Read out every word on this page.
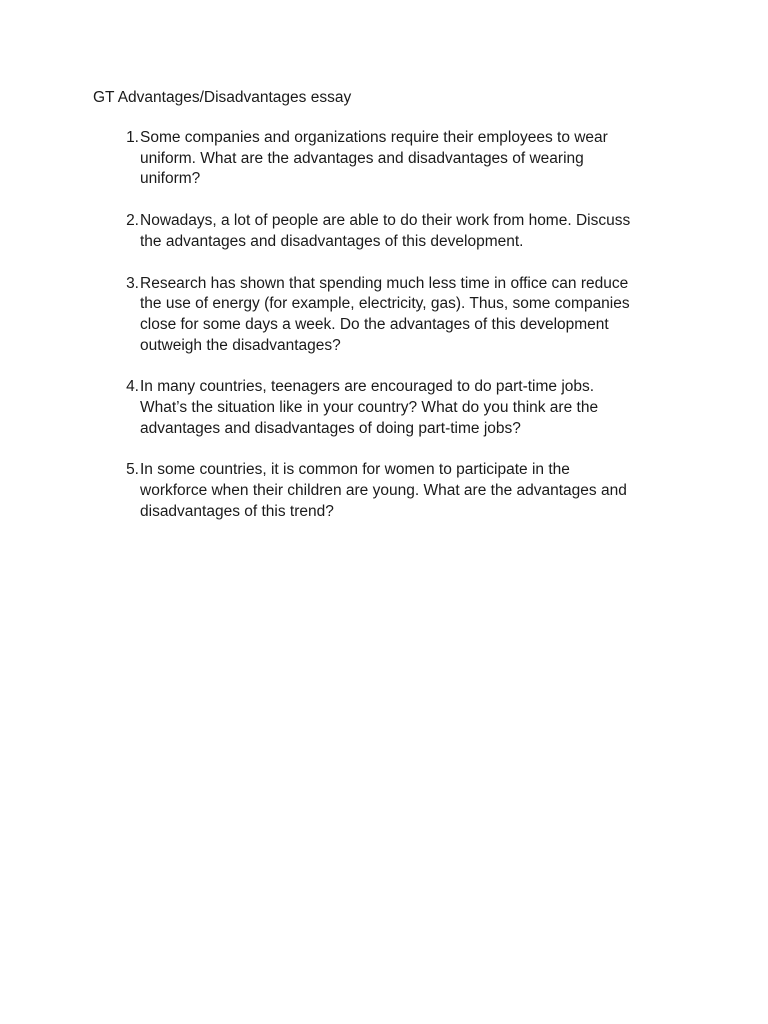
GT Advantages/Disadvantages essay
1. Some companies and organizations require their employees to wear
uniform. What are the advantages and disadvantages of wearing
uniform?
2. Nowadays, a lot of people are able to do their work from home. Discuss
the advantages and disadvantages of this development.
3. Research has shown that spending much less time in office can reduce
the use of energy (for example, electricity, gas). Thus, some companies
close for some days a week. Do the advantages of this development
outweigh the disadvantages?
4. In many countries, teenagers are encouraged to do part-time jobs.
What’s the situation like in your country? What do you think are the
advantages and disadvantages of doing part-time jobs?
5. In some countries, it is common for women to participate in the
workforce when their children are young. What are the advantages and
disadvantages of this trend?
